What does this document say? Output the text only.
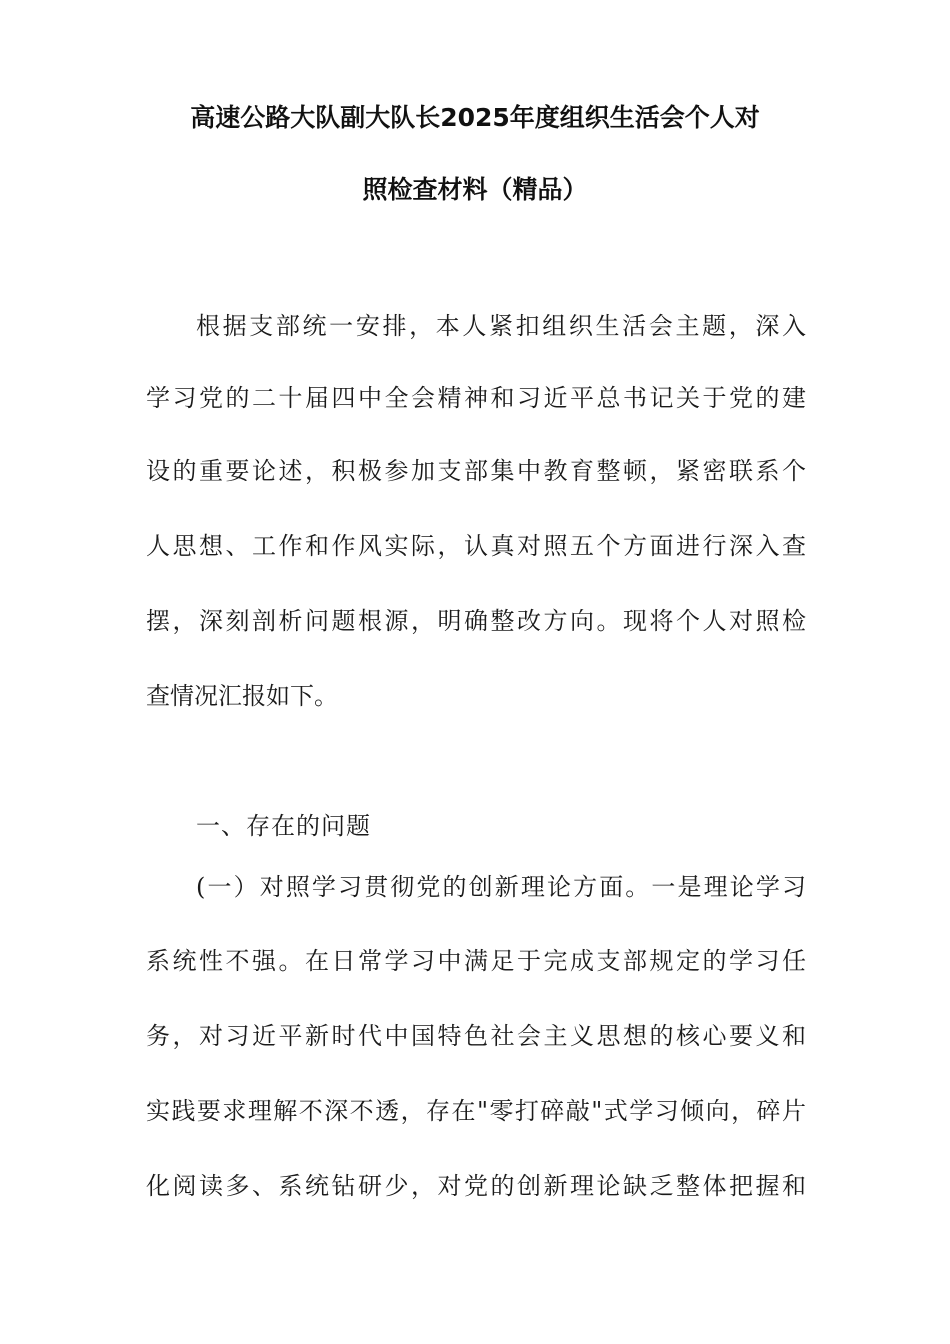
高速公路大队副大队长2025年度组织生活会个人对
照检查材料（精品）
根据支部统一安排，本人紧扣组织生活会主题，深入
学习党的二十届四中全会精神和习近平总书记关于党的建
设的重要论述，积极参加支部集中教育整顿，紧密联系个
人思想、工作和作风实际，认真对照五个方面进行深入查
摆，深刻剖析问题根源，明确整改方向。现将个人对照检
查情况汇报如下。
一、存在的问题
(一）对照学习贯彻党的创新理论方面。一是理论学习
系统性不强。在日常学习中满足于完成支部规定的学习任
务，对习近平新时代中国特色社会主义思想的核心要义和
实践要求理解不深不透，存在"零打碎敲"式学习倾向，碎片
化阅读多、系统钻研少，对党的创新理论缺乏整体把握和
